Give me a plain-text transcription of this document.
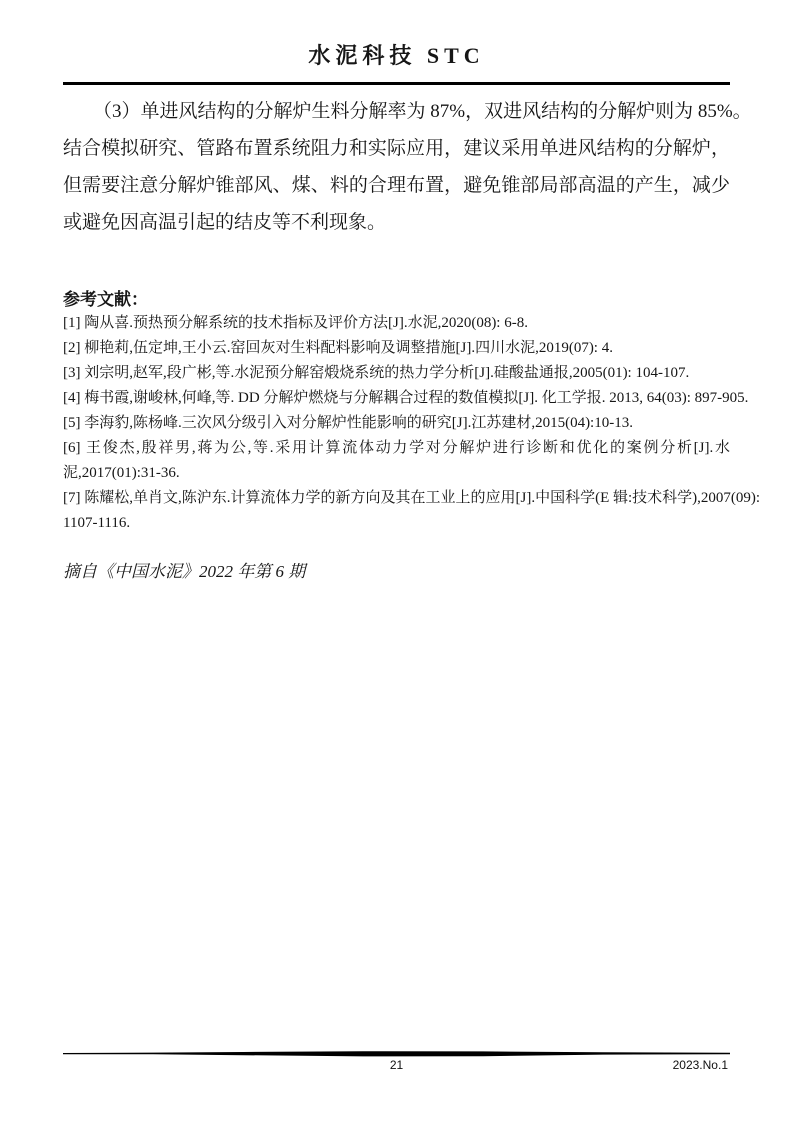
水泥科技 STC

（3）单进风结构的分解炉生料分解率为 87%，双进风结构的分解炉则为 85%。

结合模拟研究、管路布置系统阻力和实际应用，建议采用单进风结构的分解炉，

但需要注意分解炉锥部风、煤、料的合理布置，避免锥部局部高温的产生，减少

或避免因高温引起的结皮等不利现象。

参考文献：

[1] 陶从喜.预热预分解系统的技术指标及评价方法[J].水泥,2020(08): 6-8.

[2] 柳艳莉,伍定坤,王小云.窑回灰对生料配料影响及调整措施[J].四川水泥,2019(07): 4.

[3] 刘宗明,赵军,段广彬,等.水泥预分解窑煅烧系统的热力学分析[J].硅酸盐通报,2005(01): 104-107.

[4] 梅书霞,谢峻林,何峰,等. DD 分解炉燃烧与分解耦合过程的数值模拟[J]. 化工学报. 2013, 64(03): 897-905.

[5] 李海豹,陈杨峰.三次风分级引入对分解炉性能影响的研究[J].江苏建材,2015(04):10-13.

[6] 王俊杰,殷祥男,蒋为公,等.采用计算流体动力学对分解炉进行诊断和优化的案例分析[J].水

泥,2017(01):31-36.

[7] 陈耀松,单肖文,陈沪东.计算流体力学的新方向及其在工业上的应用[J].中国科学(E 辑:技术科学),2007(09):

1107-1116.

摘自《中国水泥》2022 年第 6 期

21	2023.No.1
